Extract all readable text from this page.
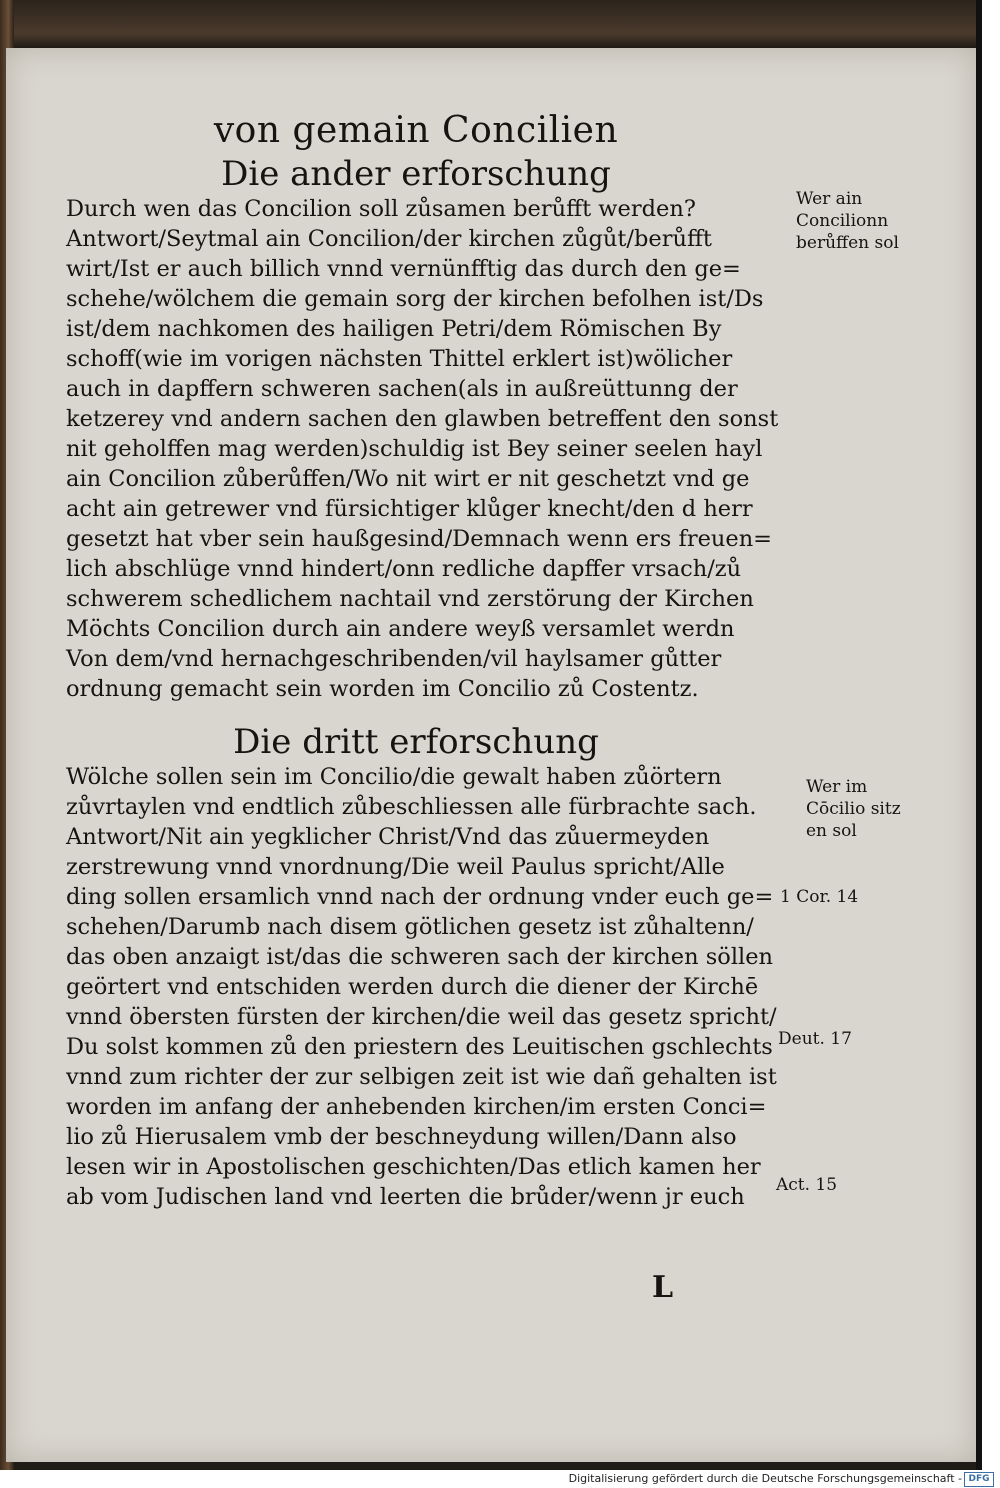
von gemain Concilien
Die ander erforschung
Durch wen das Concilion soll zůsamen berůfft werden?
Antwort/Seytmal ain Concilion/der kirchen zůgůt/berůfft
wirt/Ist er auch billich vnnd vernünfftig das durch den ge=
schehe/wölchem die gemain sorg der kirchen befolhen ist/Ds
ist/dem nachkomen des hailigen Petri/dem Römischen By
schoff(wie im vorigen nächsten Thittel erklert ist)wölicher
auch in dapffern schweren sachen(als in außreüttunng der
ketzerey vnd andern sachen den glawben betreffent den sonst
nit geholffen mag werden)schuldig ist Bey seiner seelen hayl
ain Concilion zůberůffen/Wo nit wirt er nit geschetzt vnd ge
acht ain getrewer vnd fürsichtiger klůger knecht/den d herr
gesetzt hat vber sein haußgesind/Demnach wenn ers freuen=
lich abschlüge vnnd hindert/onn redliche dapffer vrsach/zů
schwerem schedlichem nachtail vnd zerstörung der Kirchen
Möchts Concilion durch ain andere weyß versamlet werdn
Von dem/vnd hernachgeschribenden/vil haylsamer gůtter
ordnung gemacht sein worden im Concilio zů Costentz.
Die dritt erforschung
Wölche sollen sein im Concilio/die gewalt haben zůörtern
zůvrtaylen vnd endtlich zůbeschliessen alle fürbrachte sach.
Antwort/Nit ain yegklicher Christ/Vnd das zůuermeyden
zerstrewung vnnd vnordnung/Die weil Paulus spricht/Alle
ding sollen ersamlich vnnd nach der ordnung vnder euch ge=
schehen/Darumb nach disem götlichen gesetz ist zůhaltenn/
das oben anzaigt ist/das die schweren sach der kirchen söllen
geörtert vnd entschiden werden durch die diener der Kirchē
vnnd öbersten fürsten der kirchen/die weil das gesetz spricht/
Du solst kommen zů den priestern des Leuitischen gschlechts
vnnd zum richter der zur selbigen zeit ist wie dañ gehalten ist
worden im anfang der anhebenden kirchen/im ersten Conci=
lio zů Hierusalem vmb der beschneydung willen/Dann also
lesen wir in Apostolischen geschichten/Das etlich kamen her
ab vom Judischen land vnd leerten die brůder/wenn jr euch
Wer ain
Concilionn
berůffen sol
Wer im
Cōcilio sitz
en sol
1 Cor. 14
Deut. 17
Act. 15
L
Digitalisierung gefördert durch die Deutsche Forschungsgemeinschaft - DFG
